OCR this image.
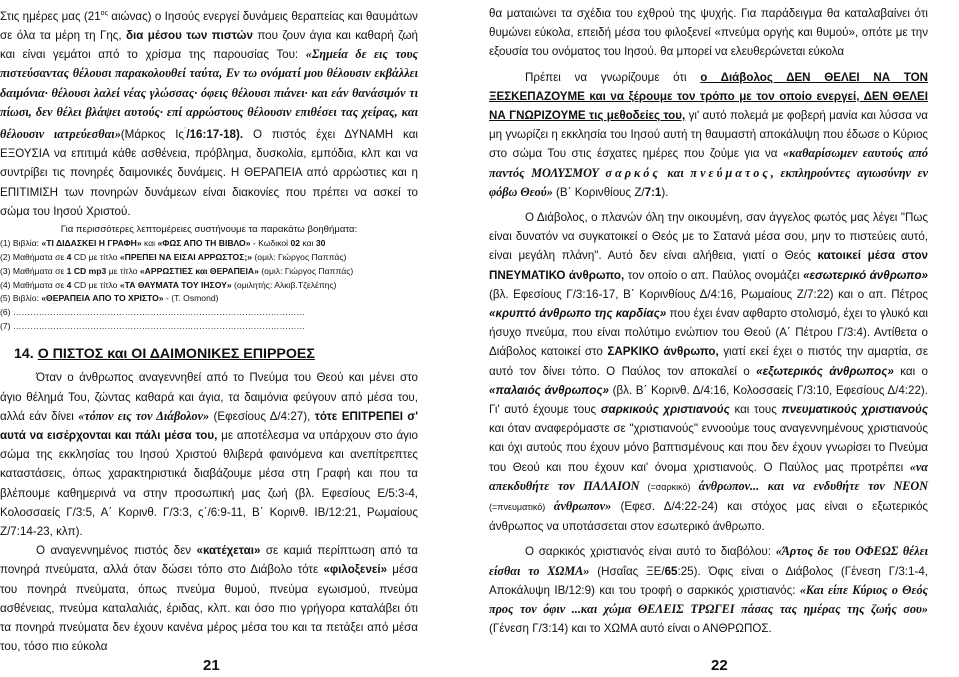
Στις ημέρες μας ($21^{o\varsigma}$ αιώνας) ο Ιησούς ενεργεί δυνάμεις θεραπείας και θαυμάτων σε όλα τα μέρη τη Γης, δια μέσου των πιστών που ζουν άγια και καθαρή ζωή και είναι γεμάτοι από το χρίσμα της παρουσίας Του: «Σημεία δε εις τους πιστεύσαντας θέλουσι παρακολουθεί ταύτα, Εν τω ονόματί μου θέλουσιν εκβάλλει δαιμόνια· θέλουσι λαλεί νέας γλώσσας· όφεις θέλουσι πιάνει· και εάν θανάσιμόν τι πίωσι, δεν θέλει βλάψει αυτούς· επί αρρώστους θέλουσιν επιθέσει τας χείρας, και θέλουσιν ιατρεύεσθαι»(Μάρκος Ις΄/16:17-18). Ο πιστός έχει ΔΥΝΑΜΗ και ΕΞΟΥΣΙΑ να επιτιμά κάθε ασθένεια, πρόβλημα, δυσκολία, εμπόδια, κλπ και να συντρίβει τις πονηρές δαιμονικές δυνάμεις. Η ΘΕΡΑΠΕΙΑ από αρρώστιες και η ΕΠΙΤΙΜΙΣΗ των πονηρών δυνάμεων είναι διακονίες που πρέπει να ασκεί το σώμα του Ιησού Χριστού.

Για περισσότερες λεπτομέρειες συστήνουμε τα παρακάτω βοηθήματα:

(1) Βιβλία: «ΤΙ ΔΙΔΑΣΚΕΙ Η ΓΡΑΦΗ» και «ΦΩΣ ΑΠΟ ΤΗ ΒΙΒΛΟ» - Κωδικοί 02 και 30

(2) Μαθήματα σε 4 CD με τίτλο «ΠΡΕΠΕΙ ΝΑ ΕΙΣΑΙ ΑΡΡΩΣΤΟΣ;» (ομιλ: Γιώργος Παππάς)

(3) Μαθήματα σε 1 CD mp3 με τίτλο «ΑΡΡΩΣΤΙΕΣ και ΘΕΡΑΠΕΙΑ» (ομιλ: Γιώργος Παππάς)

(4) Μαθήματα σε 4 CD με τίτλο «ΤΑ ΘΑΥΜΑΤΑ ΤΟΥ ΙΗΣΟΥ» (ομιλητής: Αλκιβ.Τζελέπης)

(5) Βιβλίο: «ΘΕΡΑΠΕΙΑ ΑΠΟ ΤΟ ΧΡΙΣΤΟ» - (Τ. Osmond)

(6) …………………………………………………………………………………………

(7) …………………………………………………………………………………………

14. Ο ΠΙΣΤΟΣ και ΟΙ ΔΑΙΜΟΝΙΚΕΣ ΕΠΙΡΡΟΕΣ

Όταν ο άνθρωπος αναγεννηθεί από το Πνεύμα του Θεού και μένει στο άγιο θέλημά Του, ζώντας καθαρά και άγια, τα δαιμόνια φεύγουν από μέσα του, αλλά εάν δίνει «τόπον εις τον Διάβολον» (Εφεσίους Δ/4:27), τότε ΕΠΙΤΡΕΠΕΙ σ' αυτά να εισέρχονται και πάλι μέσα του, με αποτέλεσμα να υπάρχουν στο άγιο σώμα της εκκλησίας του Ιησού Χριστού θλιβερά φαινόμενα και ανεπίτρεπτες καταστάσεις, όπως χαρακτηριστικά διαβάζουμε μέσα στη Γραφή και που τα βλέπουμε καθημερινά να στην προσωπική μας ζωή (βλ. Εφεσίους Ε/5:3-4, Κολοσσαείς Γ/3:5, Α΄ Κορινθ. Γ/3:3, ς΄/6:9-11, Β΄ Κορινθ. ΙΒ/12:21, Ρωμαίους Ζ/7:14-23, κλπ).

Ο αναγεννημένος πιστός δεν «κατέχεται» σε καμιά περίπτωση από τα πονηρά πνεύματα, αλλά όταν δώσει τόπο στο Διάβολο τότε «φιλοξενεί» μέσα του πονηρά πνεύματα, όπως πνεύμα θυμού, πνεύμα εγωισμού, πνεύμα ασθένειας, πνεύμα καταλαλιάς, έριδας, κλπ. και όσο πιο γρήγορα καταλάβει ότι τα πονηρά πνεύματα δεν έχουν κανένα μέρος μέσα του και τα πετάξει από μέσα του, τόσο πιο εύκολα

21

θα ματαιώνει τα σχέδια του εχθρού της ψυχής. Για παράδειγμα θα καταλαβαίνει ότι θυμώνει εύκολα, επειδή μέσα του φιλοξενεί «πνεύμα οργής και θυμού», οπότε με την εξουσία του ονόματος του Ιησού. θα μπορεί να ελευθερώνεται εύκολα

Πρέπει να γνωρίζουμε ότι ο Διάβολος ΔΕΝ ΘΕΛΕΙ ΝΑ ΤΟΝ ΞΕΣΚΕΠΑΖΟΥΜΕ και να ξέρουμε τον τρόπο με τον οποίο ενεργεί, ΔΕΝ ΘΕΛΕΙ ΝΑ ΓΝΩΡΙΖΟΥΜΕ τις μεθοδείες του, γι' αυτό πολεμά με φοβερή μανία και λύσσα να μη γνωρίζει η εκκλησία του Ιησού αυτή τη θαυμαστή αποκάλυψη που έδωσε ο Κύριος στο σώμα Του στις έσχατες ημέρες που ζούμε για να «καθαρίσωμεν εαυτούς από παντός ΜΟΛΥΣΜΟΥ σαρκός και πνεύματος, εκπληρούντες αγιωσύνην εν φόβω Θεού» (Β΄ Κορινθίους Ζ/7:1).

Ο Διάβολος, ο πλανών όλη την οικουμένη, σαν άγγελος φωτός μας λέγει "Πως είναι δυνατόν να συγκατοικεί ο Θεός με το Σατανά μέσα σου, μην το πιστεύεις αυτό, είναι μεγάλη πλάνη". Αυτό δεν είναι αλήθεια, γιατί ο Θεός κατοικεί μέσα στον ΠΝΕΥΜΑΤΙΚΟ άνθρωπο, τον οποίο ο απ. Παύλος ονομάζει «εσωτερικό άνθρωπο» (βλ. Εφεσίους Γ/3:16-17, Β΄ Κορινθίους Δ/4:16, Ρωμαίους Ζ/7:22) και ο απ. Πέτρος «κρυπτό άνθρωπο της καρδίας» που έχει έναν αφθαρτο στολισμό, έχει το γλυκό και ήσυχο πνεύμα, που είναι πολύτιμο ενώπιον του Θεού (Α΄ Πέτρου Γ/3:4). Αντίθετα ο Διάβολος κατοικεί στο ΣΑΡΚΙΚΟ άνθρωπο, γιατί εκεί έχει ο πιστός την αμαρτία, σε αυτό τον δίνει τόπο. Ο Παύλος τον αποκαλεί ο «εξωτερικός άνθρωπος» και ο «παλαιός άνθρωπος» (βλ. Β΄ Κορινθ. Δ/4:16, Κολοσσαείς Γ/3:10, Εφεσίους Δ/4:22). Γι' αυτό έχουμε τους σαρκικούς χριστιανούς και τους πνευματικούς χριστιανούς και όταν αναφερόμαστε σε "χριστιανούς" εννοούμε τους αναγεννημένους χριστιανούς και όχι αυτούς που έχουν μόνο βαπτισμένους και που δεν έχουν γνωρίσει το Πνεύμα του Θεού και που έχουν και' όνομα χριστιανούς. Ο Παύλος μας προτρέπει «να απεκδυθήτε τον ΠΑΛΑΙΟΝ (=σαρκικό) άνθρωπον... και να ενδυθήτε τον ΝΕΟΝ (=πνευματικό) άνθρωπον» (Εφεσ. Δ/4:22-24) και στόχος μας είναι ο εξωτερικός άνθρωπος να υποτάσσεται στον εσωτερικό άνθρωπο.

Ο σαρκικός χριστιανός είναι αυτό το διαβόλου: «Άρτος δε του ΟΦΕΩΣ θέλει είσθαι το ΧΩΜΑ» (Ησαΐας ΞΕ/65:25). Όφις είναι ο Διάβολος (Γένεση Γ/3:1-4, Αποκάλυψη ΙΒ/12:9) και του τροφή ο σαρκικός χριστιανός: «Και είπε Κύριος ο Θεός προς τον όφιν ...και χώμα ΘΕΛΕΙΣ ΤΡΩΓΕΙ πάσας τας ημέρας της ζωής σου» (Γένεση Γ/3:14) και το ΧΩΜΑ αυτό είναι ο ΑΝΘΡΩΠΟΣ.

22
